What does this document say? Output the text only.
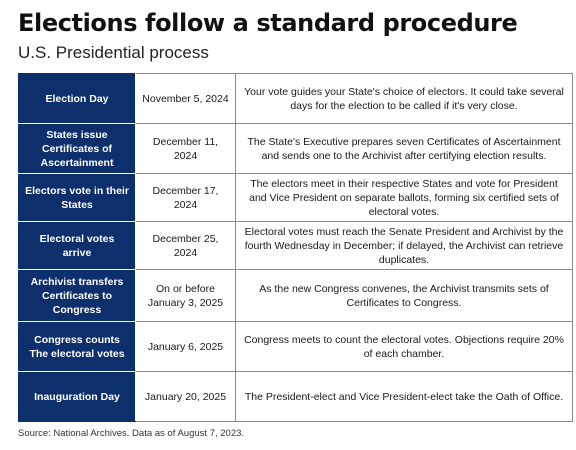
Elections follow a standard procedure
U.S. Presidential process
Election Day	November 5, 2024	Your vote guides your State's choice of electors. It could take several days for the election to be called if it's very close.
States issue Certificates of Ascertainment	December 11, 2024	The State's Executive prepares seven Certificates of Ascertainment and sends one to the Archivist after certifying election results.
Electors vote in their States	December 17, 2024	The electors meet in their respective States and vote for President and Vice President on separate ballots, forming six certified sets of electoral votes.
Electoral votes arrive	December 25, 2024	Electoral votes must reach the Senate President and Archivist by the fourth Wednesday in December; if delayed, the Archivist can retrieve duplicates.
Archivist transfers Certificates to Congress	On or before January 3, 2025	As the new Congress convenes, the Archivist transmits sets of Certificates to Congress.
Congress counts The electoral votes	January 6, 2025	Congress meets to count the electoral votes. Objections require 20% of each chamber.
Inauguration Day	January 20, 2025	The President-elect and Vice President-elect take the Oath of Office.

Source: National Archives. Data as of August 7, 2023.
